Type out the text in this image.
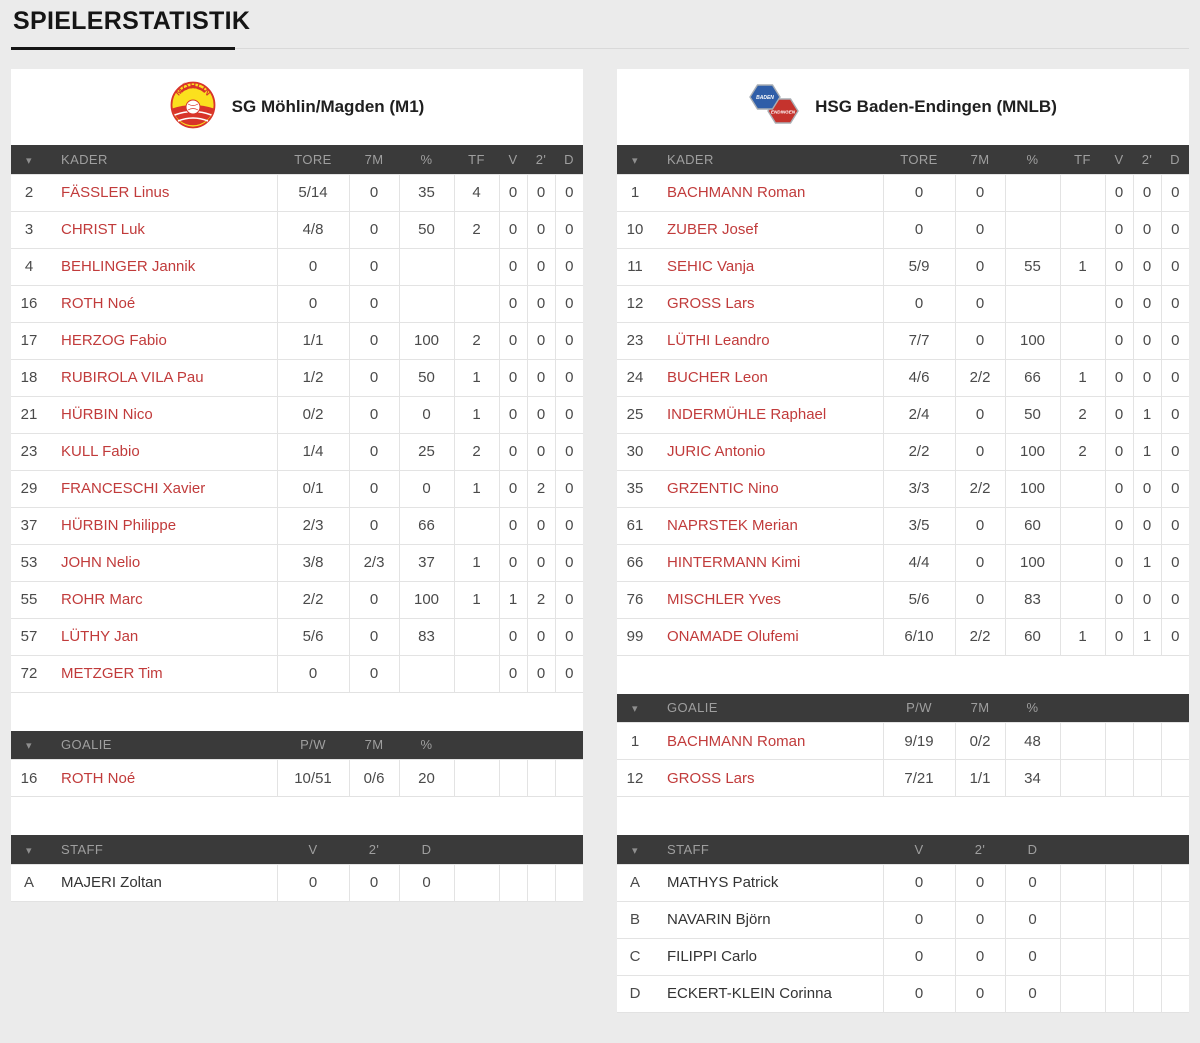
SPIELERSTATISTIK
MÖHLIN
SG Möhlin/Magden (M1)
▾	KADER	TORE	7M	%	TF	V	2'	D
2	FÄSSLER Linus	5/14	0	35	4	0	0	0
3	CHRIST Luk	4/8	0	50	2	0	0	0
4	BEHLINGER Jannik	0	0			0	0	0
16	ROTH Noé	0	0			0	0	0
17	HERZOG Fabio	1/1	0	100	2	0	0	0
18	RUBIROLA VILA Pau	1/2	0	50	1	0	0	0
21	HÜRBIN Nico	0/2	0	0	1	0	0	0
23	KULL Fabio	1/4	0	25	2	0	0	0
29	FRANCESCHI Xavier	0/1	0	0	1	0	2	0
37	HÜRBIN Philippe	2/3	0	66		0	0	0
53	JOHN Nelio	3/8	2/3	37	1	0	0	0
55	ROHR Marc	2/2	0	100	1	1	2	0
57	LÜTHY Jan	5/6	0	83		0	0	0
72	METZGER Tim	0	0			0	0	0
▾	GOALIE	P/W	7M	%				
16	ROTH Noé	10/51	0/6	20				
▾	STAFF	V	2'	D				
A	MAJERI Zoltan	0	0	0				
ENDINGEN
BADEN HSG Baden-Endingen (MNLB)
▾	KADER	TORE	7M	%	TF	V	2'	D
1	BACHMANN Roman	0	0			0	0	0
10	ZUBER Josef	0	0			0	0	0
11	SEHIC Vanja	5/9	0	55	1	0	0	0
12	GROSS Lars	0	0			0	0	0
23	LÜTHI Leandro	7/7	0	100		0	0	0
24	BUCHER Leon	4/6	2/2	66	1	0	0	0
25	INDERMÜHLE Raphael	2/4	0	50	2	0	1	0
30	JURIC Antonio	2/2	0	100	2	0	1	0
35	GRZENTIC Nino	3/3	2/2	100		0	0	0
61	NAPRSTEK Merian	3/5	0	60		0	0	0
66	HINTERMANN Kimi	4/4	0	100		0	1	0
76	MISCHLER Yves	5/6	0	83		0	0	0
99	ONAMADE Olufemi	6/10	2/2	60	1	0	1	0
▾	GOALIE	P/W	7M	%				
1	BACHMANN Roman	9/19	0/2	48				
12	GROSS Lars	7/21	1/1	34				
▾	STAFF	V	2'	D				
A	MATHYS Patrick	0	0	0				
B	NAVARIN Björn	0	0	0				
C	FILIPPI Carlo	0	0	0				
D	ECKERT-KLEIN Corinna	0	0	0				
